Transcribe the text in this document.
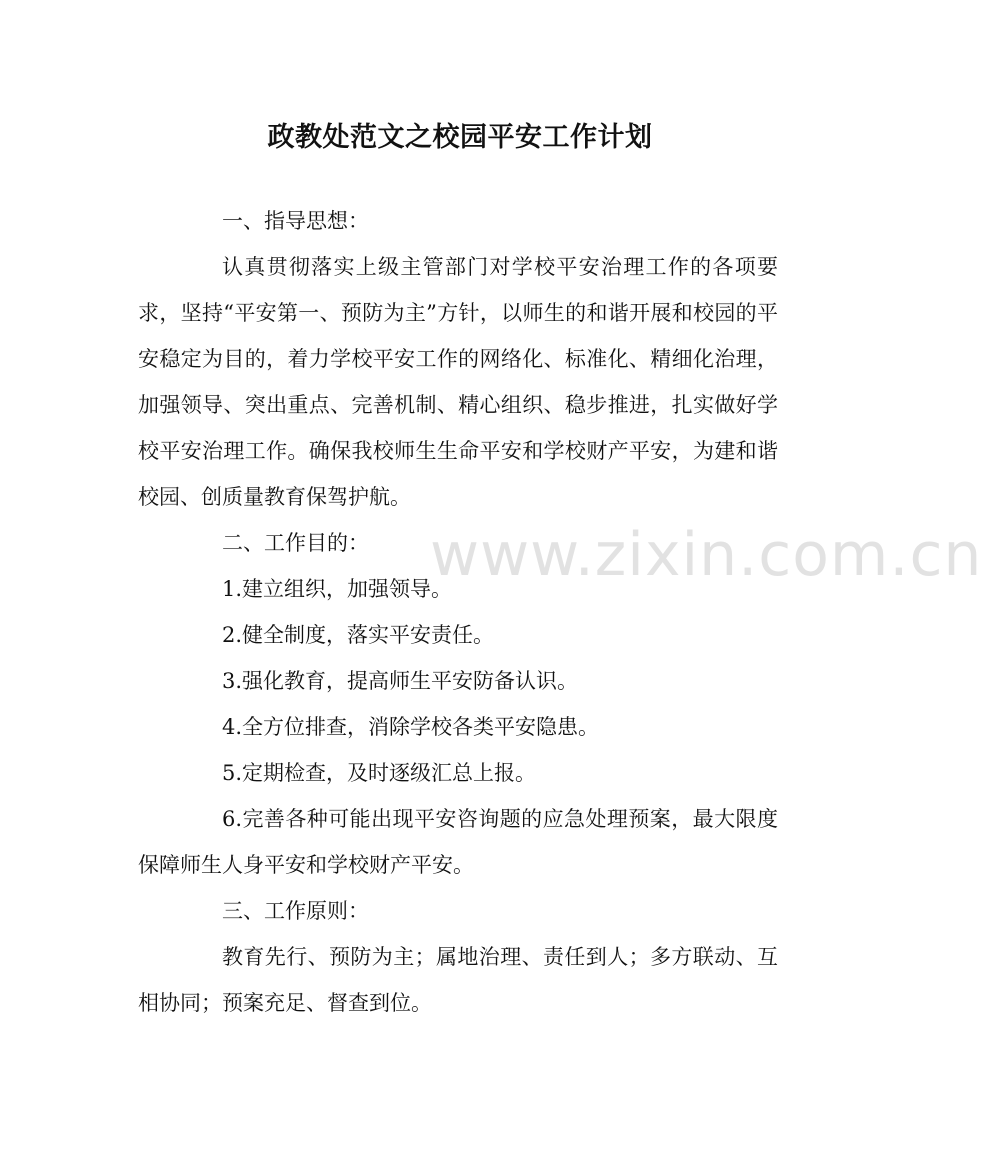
政教处范文之校园平安工作计划

一、指导思想：

认真贯彻落实上级主管部门对学校平安治理工作的各项要求，坚持“平安第一、预防为主”方针，以师生的和谐开展和校园的平安稳定为目的，着力学校平安工作的网络化、标准化、精细化治理，加强领导、突出重点、完善机制、精心组织、稳步推进，扎实做好学校平安治理工作。确保我校师生生命平安和学校财产平安，为建和谐校园、创质量教育保驾护航。

二、工作目的：

1.建立组织，加强领导。

2.健全制度，落实平安责任。

3.强化教育，提高师生平安防备认识。

4.全方位排查，消除学校各类平安隐患。

5.定期检查，及时逐级汇总上报。

6.完善各种可能出现平安咨询题的应急处理预案，最大限度保障师生人身平安和学校财产平安。

三、工作原则：

教育先行、预防为主；属地治理、责任到人；多方联动、互相协同；预案充足、督查到位。

www.zixin.com.cn
